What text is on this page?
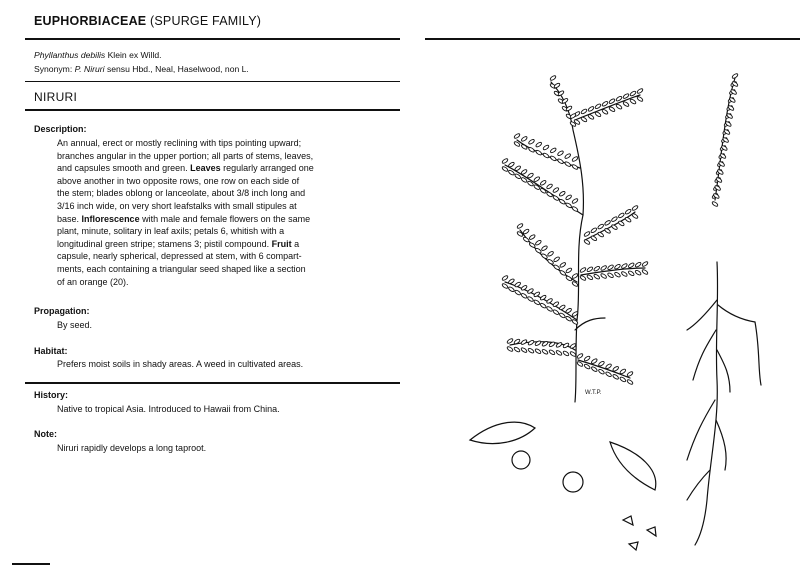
EUPHORBIACEAE (SPURGE FAMILY)
Phyllanthus debilis Klein ex Willd.
Synonym: P. Niruri sensu Hbd., Neal, Haselwood, non L.
NIRURI
Description:
An annual, erect or mostly reclining with tips pointing upward;
branches angular in the upper portion; all parts of stems, leaves,
and capsules smooth and green. Leaves regularly arranged one
above another in two opposite rows, one row on each side of
the stem; blades oblong or lanceolate, about 3/8 inch long and
3/16 inch wide, on very short leafstalks with small stipules at
base. Inflorescence with male and female flowers on the same
plant, minute, solitary in leaf axils; petals 6, whitish with a
longitudinal green stripe; stamens 3; pistil compound. Fruit a
capsule, nearly spherical, depressed at stem, with 6 compart-
ments, each containing a triangular seed shaped like a section
of an orange (20).
Propagation:
By seed.
Habitat:
Prefers moist soils in shady areas. A weed in cultivated areas.
History:
Native to tropical Asia. Introduced to Hawaii from China.
Note:
Niruri rapidly develops a long taproot.
W.T.P.
